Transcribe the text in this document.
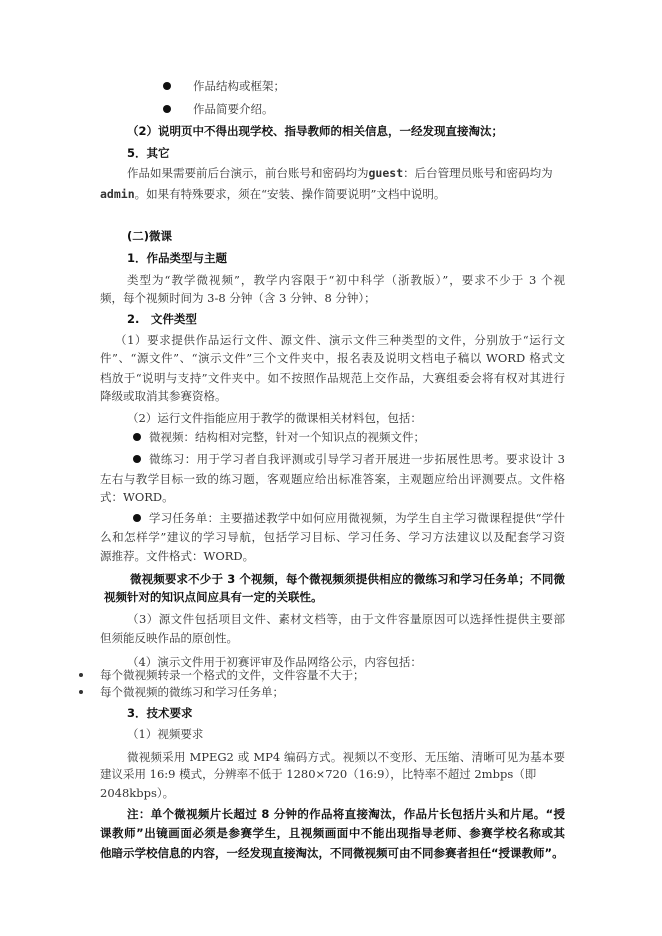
作品结构或框架；
作品简要介绍。
（2）说明页中不得出现学校、指导教师的相关信息，一经发现直接淘汰；
5．其它
作品如果需要前后台演示，前台账号和密码均为guest：后台管理员账号和密码均为
admin。如果有特殊要求，须在“安装、操作简要说明”文档中说明。
(二)微课
1．作品类型与主题
类型为“教学微视频”，教学内容限于“初中科学（浙教版）”，要求不少于 3 个视
频，每个视频时间为 3-8 分钟（含 3 分钟、8 分钟）；
2.　文件类型
（1）要求提供作品运行文件、源文件、演示文件三种类型的文件，分别放于“运行文
件”、“源文件”、“演示文件”三个文件夹中，报名表及说明文档电子稿以 WORD 格式文
档放于“说明与支持”文件夹中。如不按照作品规范上交作品，大赛组委会将有权对其进行
降级或取消其参赛资格。
（2）运行文件指能应用于教学的微课相关材料包，包括：
微视频：结构相对完整，针对一个知识点的视频文件；
微练习：用于学习者自我评测或引导学习者开展进一步拓展性思考。要求设计 3
左右与教学目标一致的练习题，客观题应给出标准答案，主观题应给出评测要点。文件格
式：WORD。
学习任务单：主要描述教学中如何应用微视频，为学生自主学习微课程提供“学什
么和怎样学”建议的学习导航，包括学习目标、学习任务、学习方法建议以及配套学习资
源推荐。文件格式：WORD。
微视频要求不少于 3 个视频，每个微视频须提供相应的微练习和学习任务单；不同微
视频针对的知识点间应具有一定的关联性。
（3）源文件包括项目文件、素材文档等，由于文件容量原因可以选择性提供主要部
但须能反映作品的原创性。
（4）演示文件用于初赛评审及作品网络公示，内容包括：
每个微视频转录一个格式的文件，文件容量不大于；
每个微视频的微练习和学习任务单；
3．技术要求
（1）视频要求
微视频采用 MPEG2 或 MP4 编码方式。视频以不变形、无压缩、清晰可见为基本要
建议采用 16:9 模式，分辨率不低于 1280×720（16:9），比特率不超过 2mbps（即
2048kbps）。
注：单个微视频片长超过 8 分钟的作品将直接淘汰，作品片长包括片头和片尾。“授
课教师”出镜画面必须是参赛学生，且视频画面中不能出现指导老师、参赛学校名称或其
他暗示学校信息的内容，一经发现直接淘汰，不同微视频可由不同参赛者担任“授课教师”。
